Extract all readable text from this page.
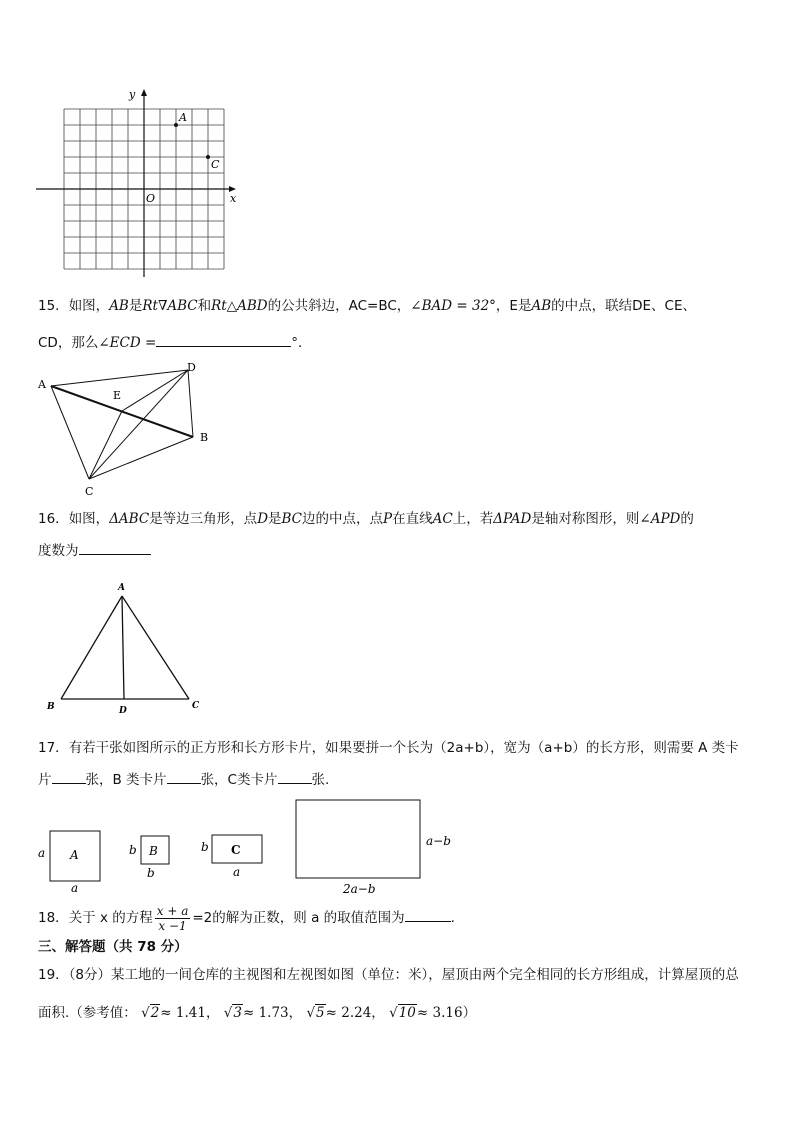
x
y
O
A
C
15．如图，AB是Rt∇ABC和Rt△ABD的公共斜边，AC=BC，∠BAD = 32°，E是AB的中点，联结DE、CE、
CD，那么∠ECD =	°.
A
D
E
B
C
16．如图，ΔABC是等边三角形，点D是BC边的中点，点P在直线AC上，若ΔPAD是轴对称图形，则∠APD的
度数为
A
B	D	C
17．有若干张如图所示的正方形和长方形卡片，如果要拼一个长为（2a+b），宽为（a+b）的长方形，则需要 A 类卡
片	张，B 类卡片	张，C类卡片	张.
a A
a
b B
b
b C
a
a−b
2a−b
18．关于 x 的方程 $\frac{x + a}{x -1} =2$的解为正数，则 a 的取值范围为	.
三、解答题（共 78 分）
19．（8分）某工地的一间仓库的主视图和左视图如图（单位：米），屋顶由两个完全相同的长方形组成，计算屋顶的总
面积.（参考值： √2≈ 1.41， √3≈ 1.73， √5≈ 2.24， √10≈ 3.16）
